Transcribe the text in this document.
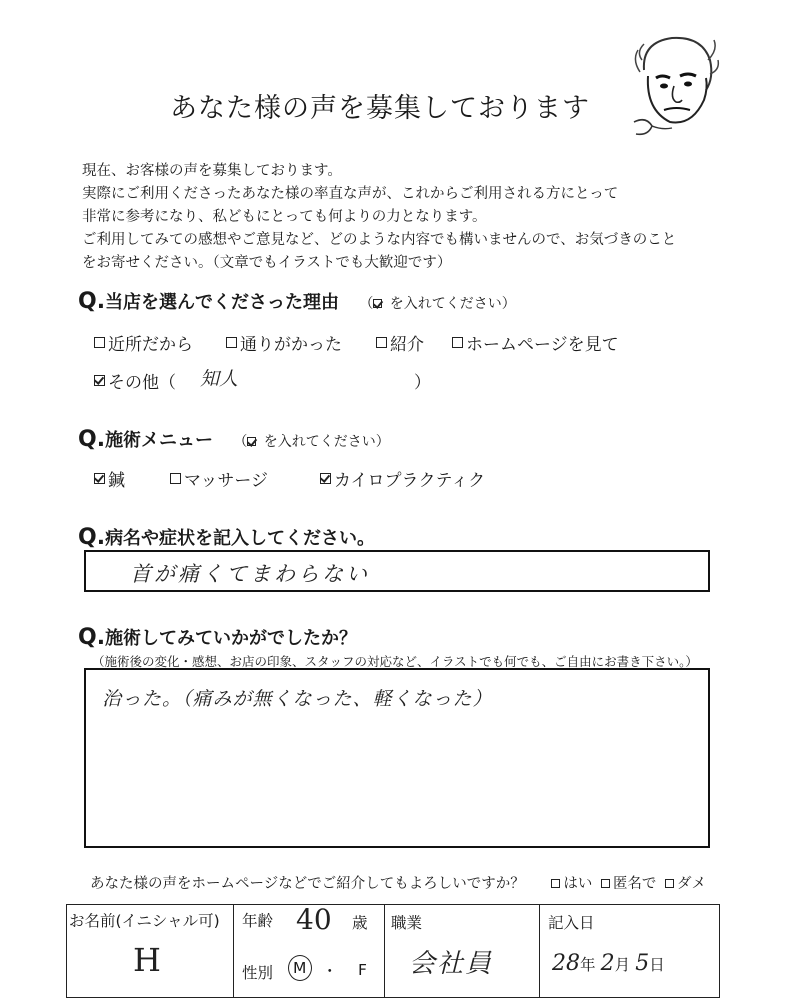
あなた様の声を募集しております
現在、お客様の声を募集しております。
実際にご利用くださったあなた様の率直な声が、これからご利用される方にとって
非常に参考になり、私どもにとっても何よりの力となります。
ご利用してみての感想やご意見など、どのような内容でも構いませんので、お気づきのこと
をお寄せください。（文章でもイラストでも大歓迎です）
Q.当店を選んでくださった理由 （ を入れてください）
近所だから	通りがかった	紹介 ホームページを見て
その他（ 知人	）
Q.施術メニュー （ を入れてください）
鍼	マッサージ	カイロプラクティク
Q.病名や症状を記入してください。
首が痛くてまわらない
Q.施術してみていかがでしたか？
（施術後の変化・感想、お店の印象、スタッフの対応など、イラストでも何でも、ご自由にお書き下さい。）
治った。（痛みが無くなった、軽くなった）
あなた様の声をホームページなどでご紹介してもよろしいですか？	はい 匿名で ダメ
お名前(イニシャル可)
H

年齢 40 歳
性別 M ・ F

職業
会社員

記入日
28年 2月 5日
